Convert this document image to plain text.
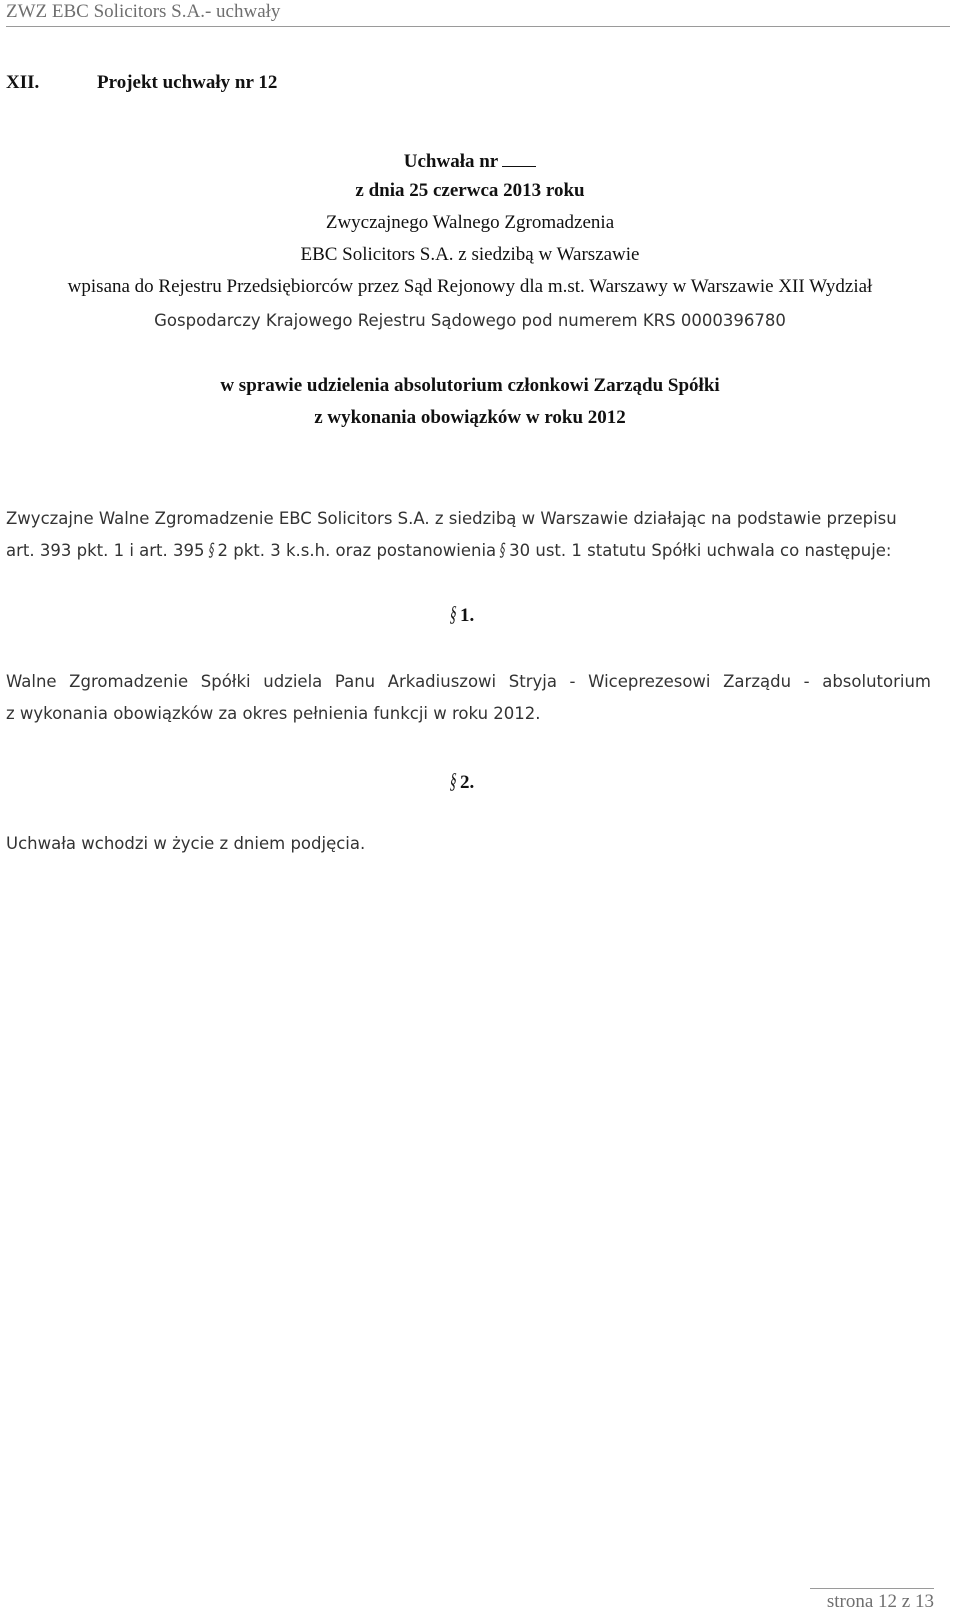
ZWZ EBC Solicitors S.A.- uchwały
XII.	Projekt uchwały nr 12
Uchwała nr
z dnia 25 czerwca 2013 roku
Zwyczajnego Walnego Zgromadzenia
EBC Solicitors S.A. z siedzibą w Warszawie
wpisana do Rejestru Przedsiębiorców przez Sąd Rejonowy dla m.st. Warszawy w Warszawie XII Wydział
Gospodarczy Krajowego Rejestru Sądowego pod numerem KRS 0000396780
w sprawie udzielenia absolutorium członkowi Zarządu Spółki
z wykonania obowiązków w roku 2012
Zwyczajne Walne Zgromadzenie EBC Solicitors S.A. z siedzibą w Warszawie działając na podstawie przepisu
art. 393 pkt. 1 i art. 395 § 2 pkt. 3 k.s.h. oraz postanowienia § 30 ust. 1 statutu Spółki uchwala co następuje:
§1.
Walne Zgromadzenie Spółki udziela Panu Arkadiuszowi Stryja - Wiceprezesowi Zarządu - absolutorium
z wykonania obowiązków za okres pełnienia funkcji w roku 2012.
§2.
Uchwała wchodzi w życie z dniem podjęcia.
strona 12 z 13
